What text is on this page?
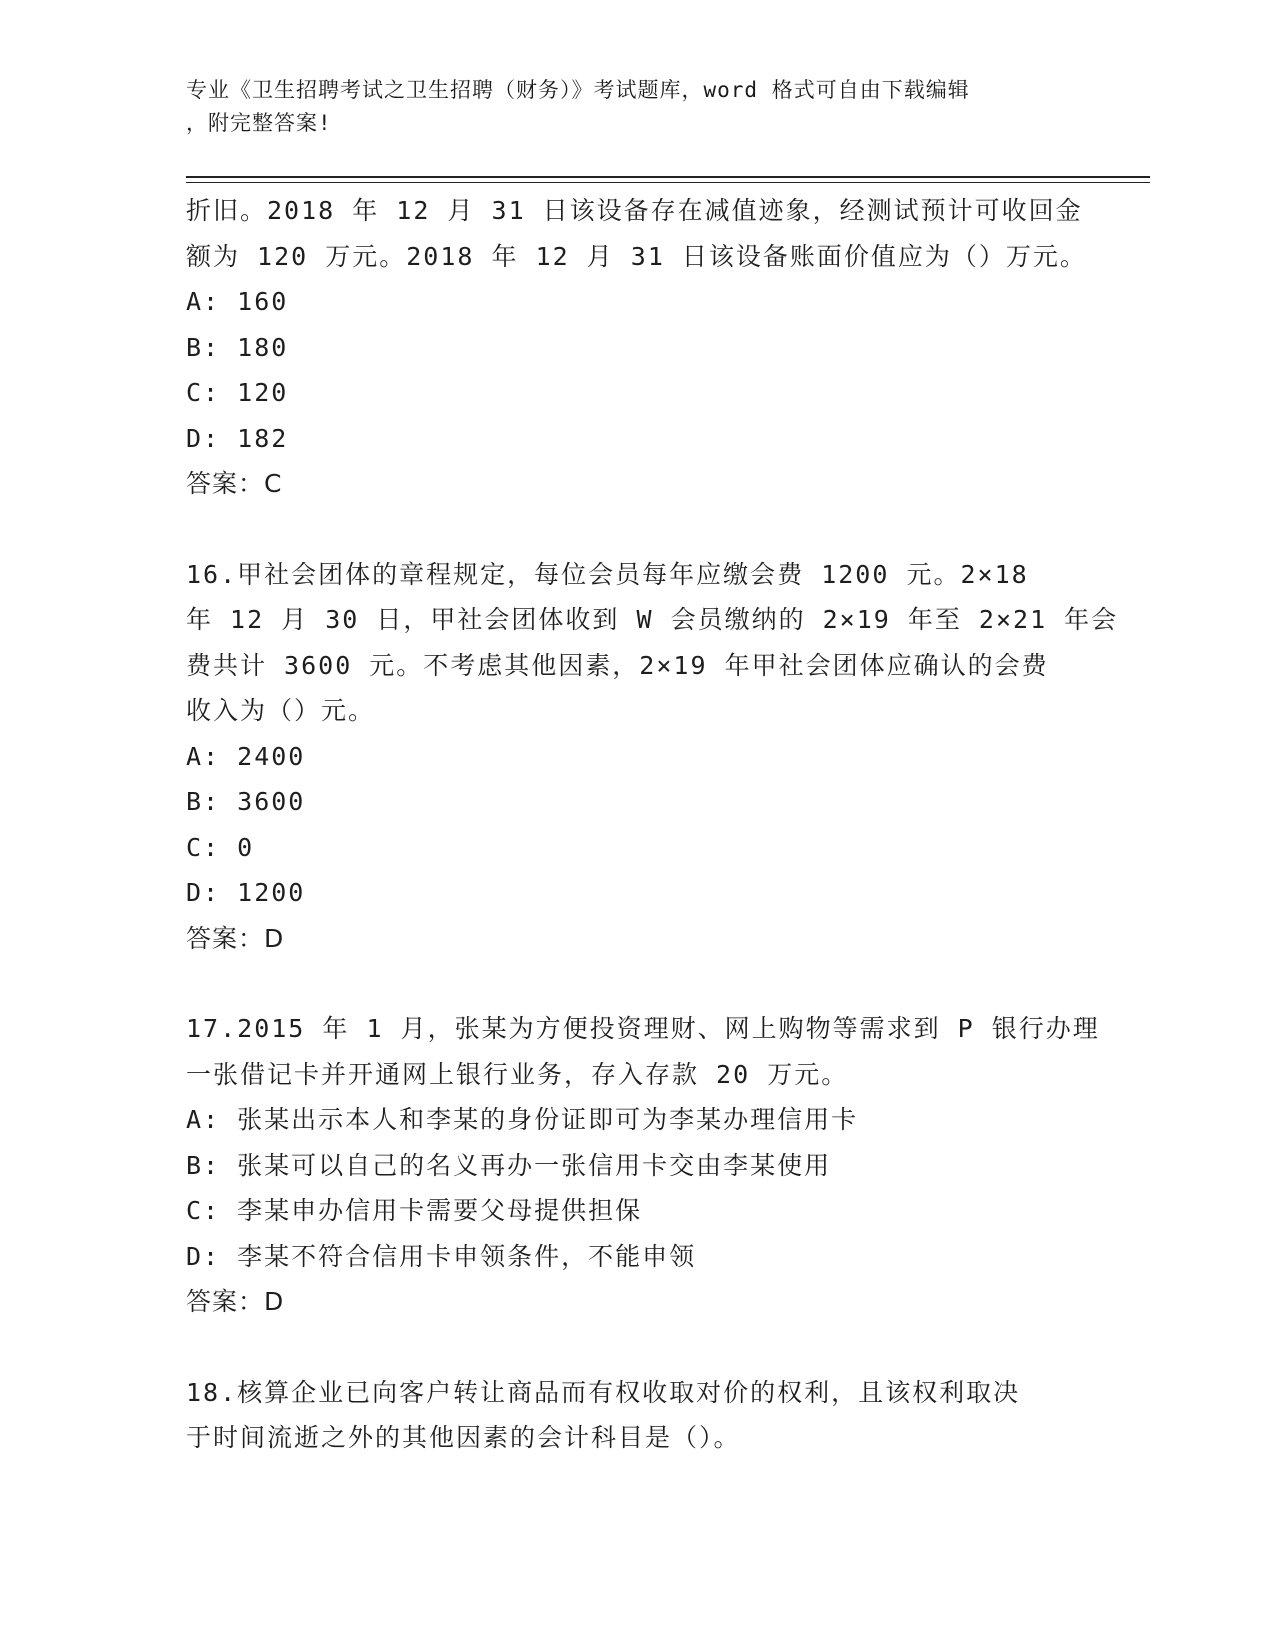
专业《卫生招聘考试之卫生招聘（财务）》考试题库，word 格式可自由下载编辑
，附完整答案!
折旧。2018 年 12 月 31 日该设备存在减值迹象，经测试预计可收回金
额为 120 万元。2018 年 12 月 31 日该设备账面价值应为（）万元。
A: 160
B: 180
C: 120
D: 182
答案：C
16.甲社会团体的章程规定，每位会员每年应缴会费 1200 元。2×18
年 12 月 30 日，甲社会团体收到 W 会员缴纳的 2×19 年至 2×21 年会
费共计 3600 元。不考虑其他因素，2×19 年甲社会团体应确认的会费
收入为（）元。
A: 2400
B: 3600
C: 0
D: 1200
答案：D
17.2015 年 1 月，张某为方便投资理财、网上购物等需求到 P 银行办理
一张借记卡并开通网上银行业务，存入存款 20 万元。
A: 张某出示本人和李某的身份证即可为李某办理信用卡
B: 张某可以自己的名义再办一张信用卡交由李某使用
C: 李某申办信用卡需要父母提供担保
D: 李某不符合信用卡申领条件，不能申领
答案：D
18.核算企业已向客户转让商品而有权收取对价的权利，且该权利取决
于时间流逝之外的其他因素的会计科目是（）。
